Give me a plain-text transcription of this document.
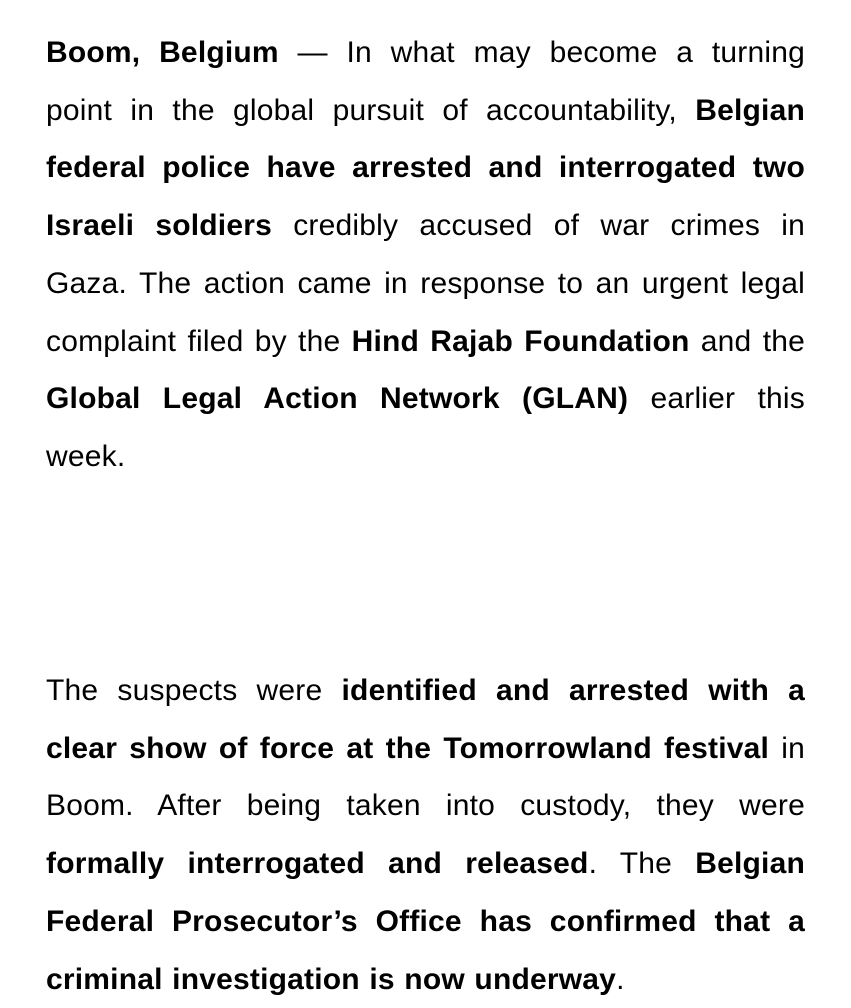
Boom, Belgium — In what may become a turning point in the global pursuit of accountability, Belgian federal police have arrested and interrogated two Israeli soldiers credibly accused of war crimes in Gaza. The action came in response to an urgent legal complaint filed by the Hind Rajab Foundation and the Global Legal Action Network (GLAN) earlier this week.

The suspects were identified and arrested with a clear show of force at the Tomorrowland festival in Boom. After being taken into custody, they were formally interrogated and released. The Belgian Federal Prosecutor’s Office has confirmed that a criminal investigation is now underway.
